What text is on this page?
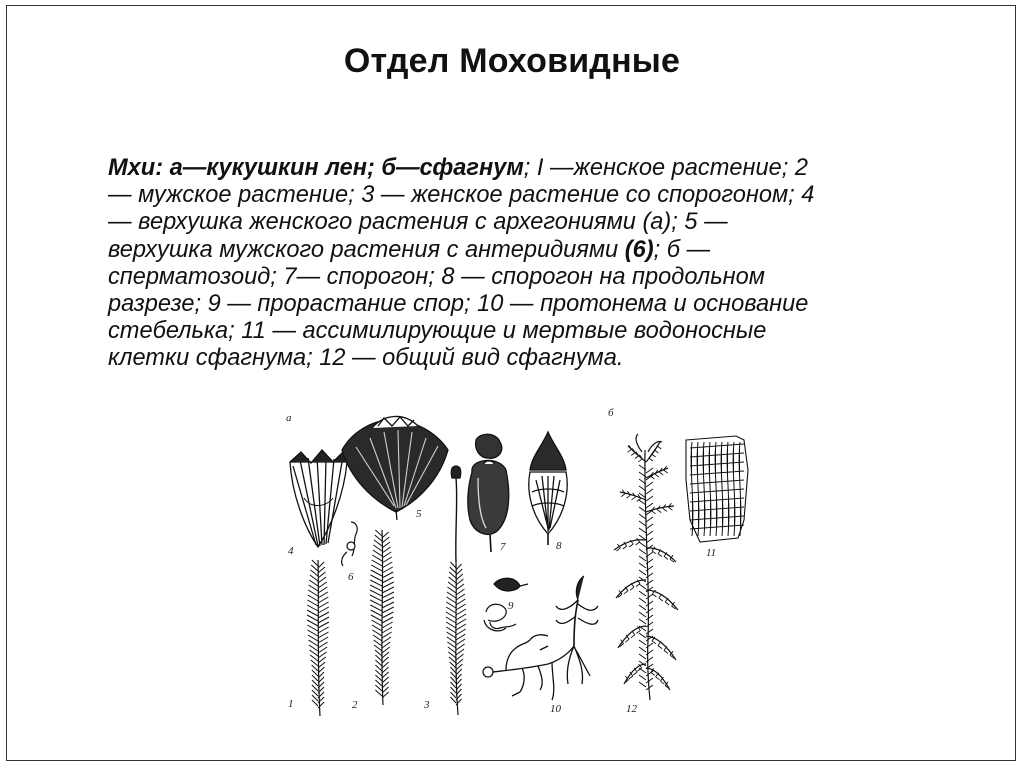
Отдел Моховидные
Мхи: а—кукушкин лен; б—сфагнум; I —женское растение; 2
— мужское растение; 3 — женское растение со спорогоном; 4
— верхушка женского растения с архегониями (а); 5 —
верхушка мужского растения с антеридиями (6); б —
сперматозоид; 7— спорогон; 8 — спорогон на продольном
разрезе; 9 — прорастание спор; 10 — протонема и основание
стебелька; 11 — ассимилирующие и мертвые водоносные
клетки сфагнума; 12 — общий вид сфагнума.
а	б
1	2	3
4
5
6
7	8
9
10
11
12
